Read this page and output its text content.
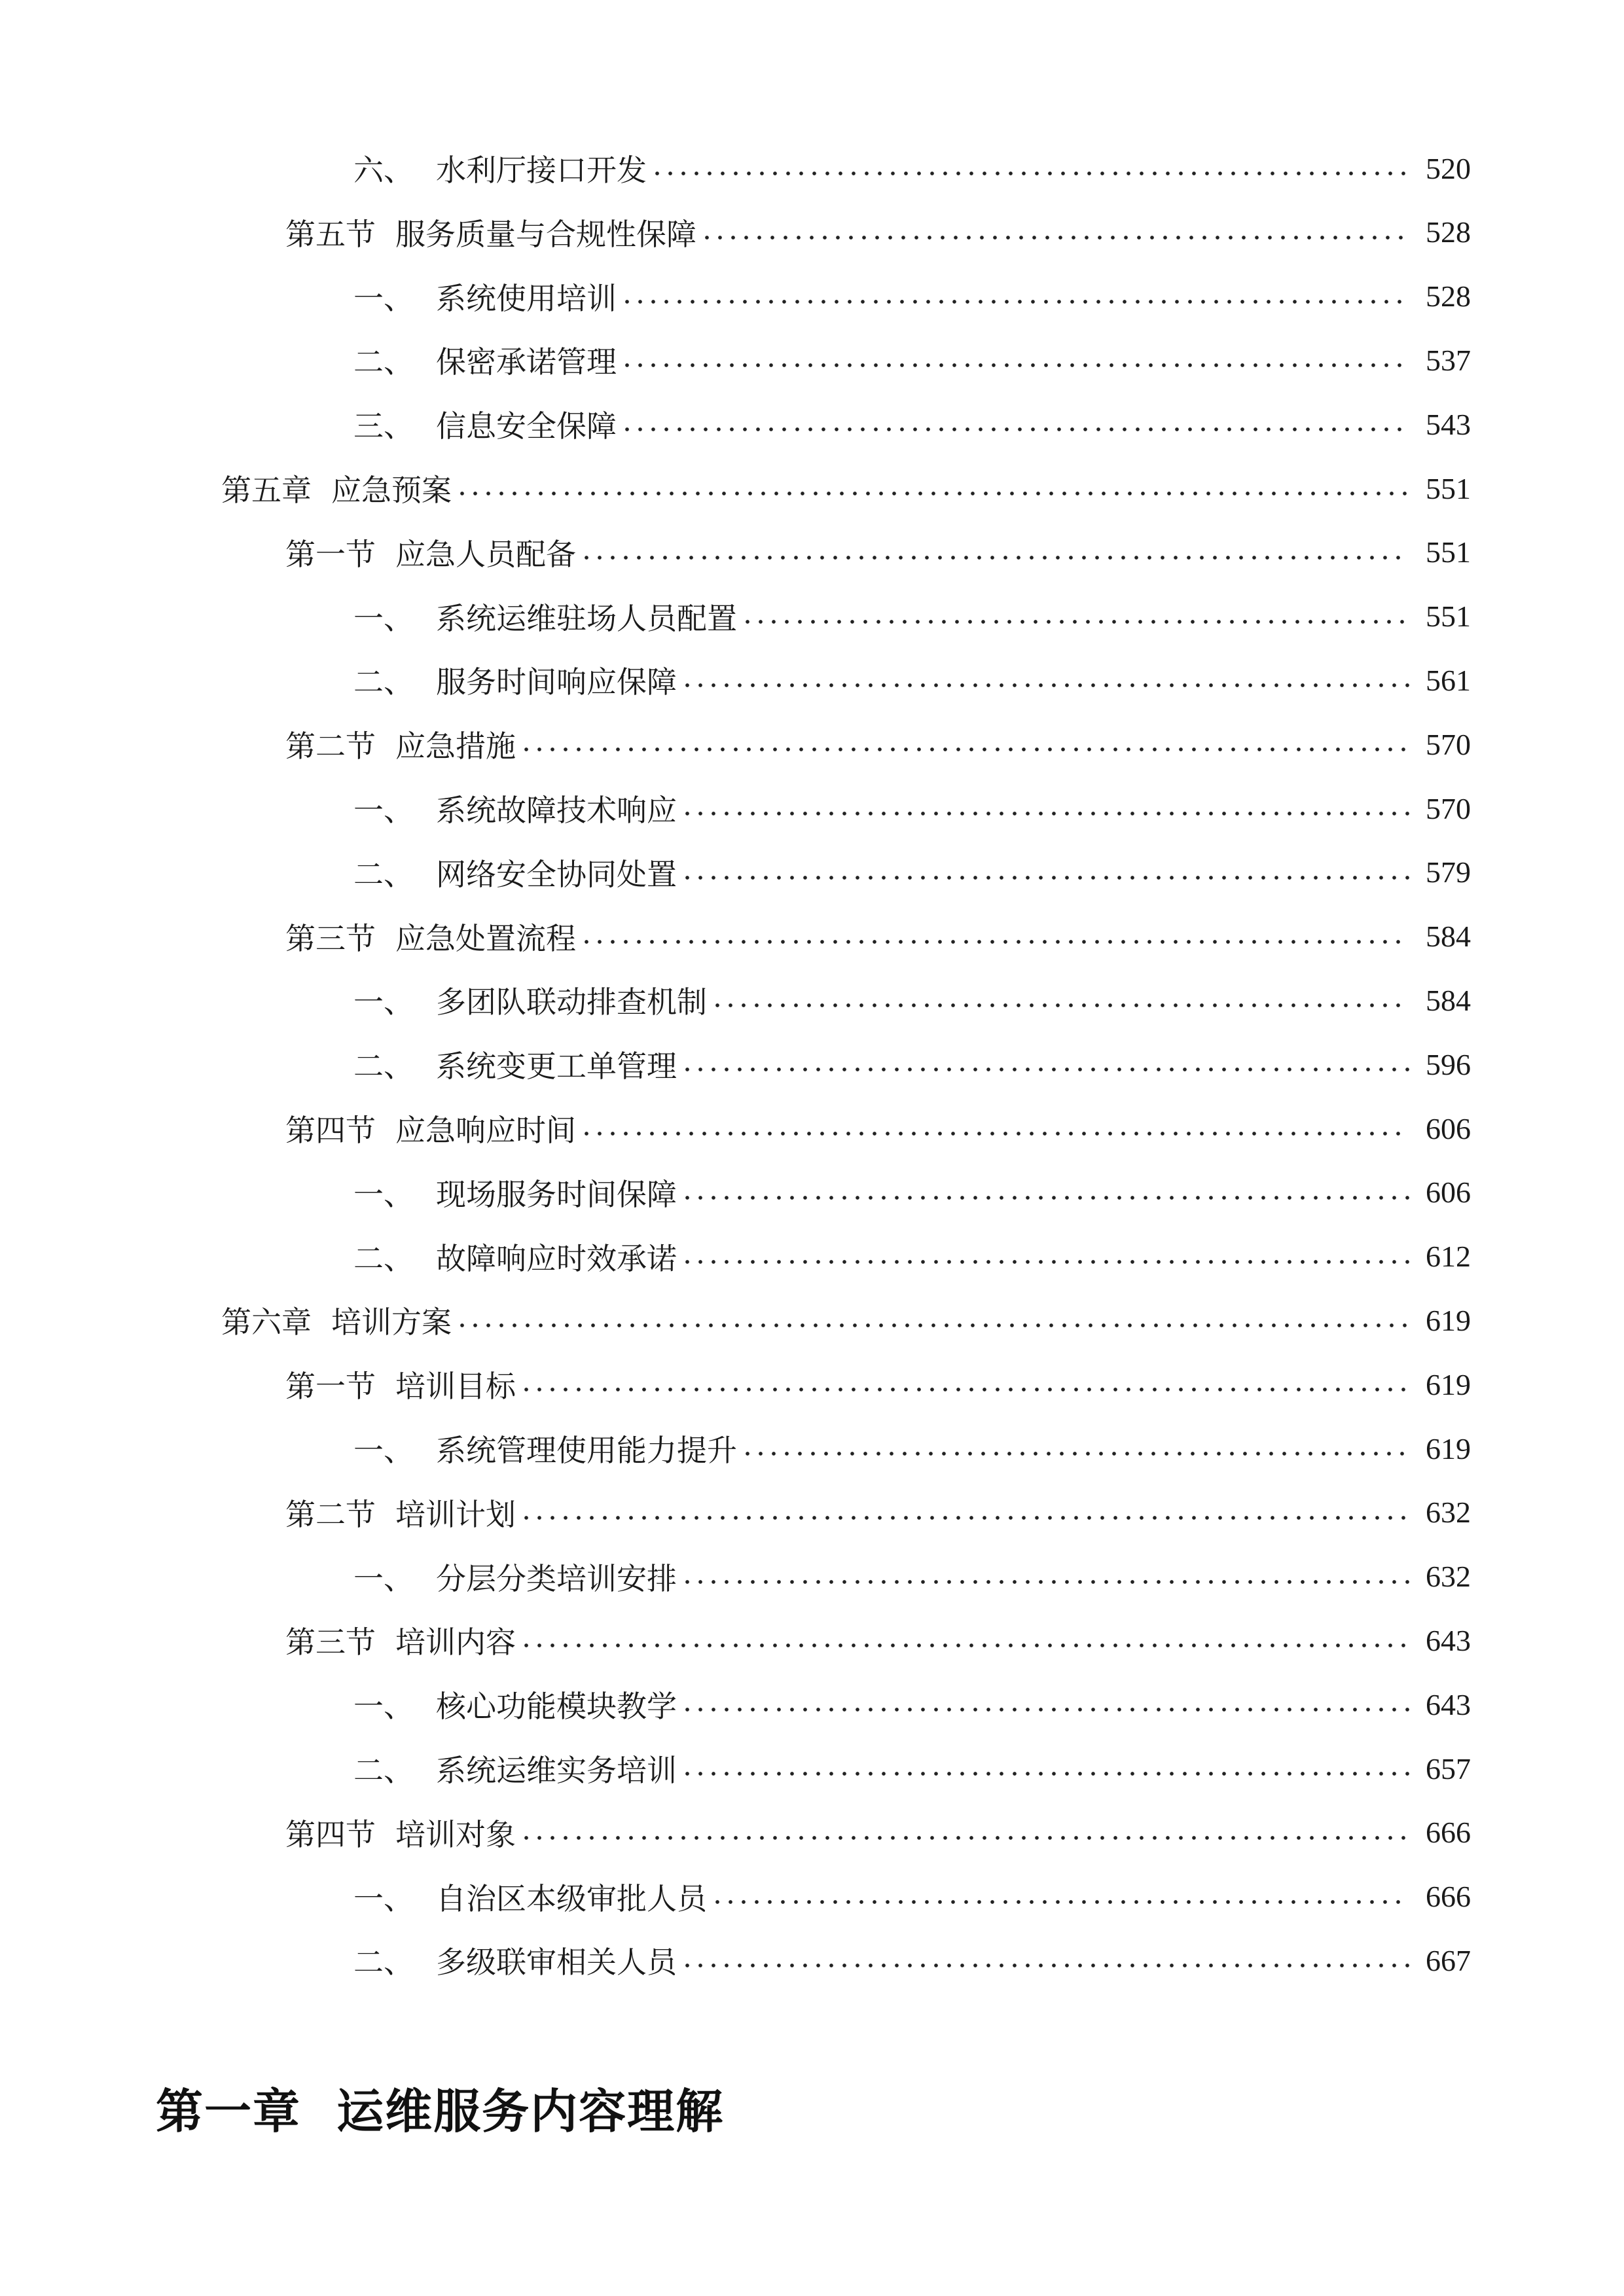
六、 水利厅接口开发	520
第五节 服务质量与合规性保障	528
一、 系统使用培训	528
二、 保密承诺管理	537
三、 信息安全保障	543
第五章 应急预案	551
第一节 应急人员配备	551
一、 系统运维驻场人员配置	551
二、 服务时间响应保障	561
第二节 应急措施	570
一、 系统故障技术响应	570
二、 网络安全协同处置	579
第三节 应急处置流程	584
一、 多团队联动排查机制	584
二、 系统变更工单管理	596
第四节 应急响应时间	606
一、 现场服务时间保障	606
二、 故障响应时效承诺	612
第六章 培训方案	619
第一节 培训目标	619
一、 系统管理使用能力提升	619
第二节 培训计划	632
一、 分层分类培训安排	632
第三节 培训内容	643
一、 核心功能模块教学	643
二、 系统运维实务培训	657
第四节 培训对象	666
一、 自治区本级审批人员	666
二、 多级联审相关人员	667
第一章  运维服务内容理解
